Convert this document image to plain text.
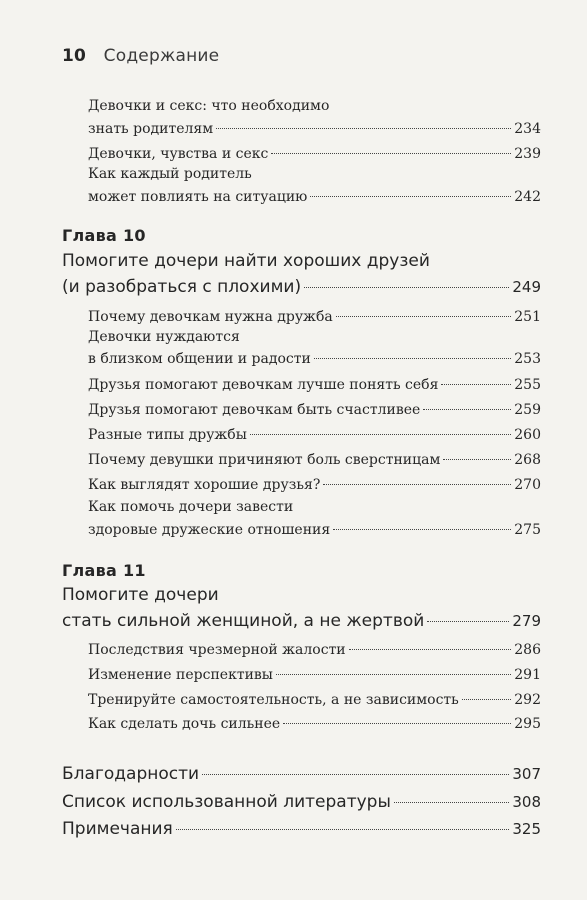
10 Содержание
Девочки и секс: что необходимо
знать родителям	234
Девочки, чувства и секс	239
Как каждый родитель
может повлиять на ситуацию	242
Глава 10
Помогите дочери найти хороших друзей
(и разобраться с плохими)	249
Почему девочкам нужна дружба	251
Девочки нуждаются
в близком общении и радости	253
Друзья помогают девочкам лучше понять себя	255
Друзья помогают девочкам быть счастливее	259
Разные типы дружбы	260
Почему девушки причиняют боль сверстницам	268
Как выглядят хорошие друзья?	270
Как помочь дочери завести
здоровые дружеские отношения	275
Глава 11
Помогите дочери
стать сильной женщиной, а не жертвой	279
Последствия чрезмерной жалости	286
Изменение перспективы	291
Тренируйте самостоятельность, а не зависимость	292
Как сделать дочь сильнее	295
Благодарности	307
Список использованной литературы	308
Примечания	325
